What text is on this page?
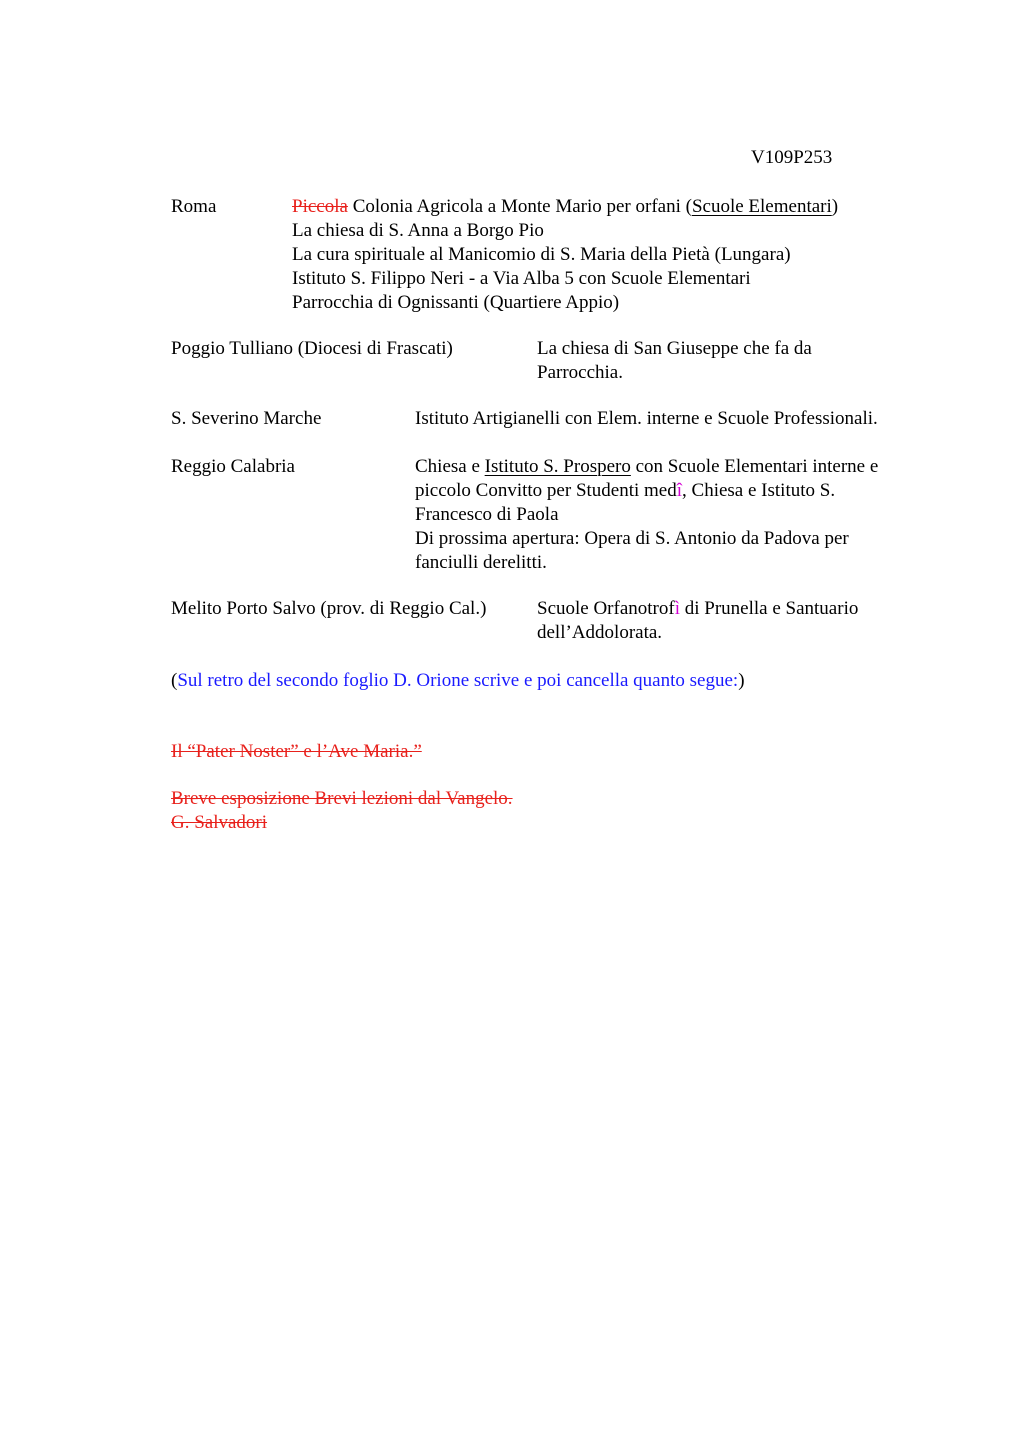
V109P253
Roma	Piccola Colonia Agricola a Monte Mario per orfani (Scuole Elementari)
La chiesa di S. Anna a Borgo Pio
La cura spirituale al Manicomio di S. Maria della Pietà (Lungara)
Istituto S. Filippo Neri - a Via Alba 5 con Scuole Elementari
Parrocchia di Ognissanti (Quartiere Appio)
Poggio Tulliano (Diocesi di Frascati)	La chiesa di San Giuseppe che fa da
Parrocchia.
S. Severino Marche	Istituto Artigianelli con Elem. interne e Scuole Professionali.
Reggio Calabria	Chiesa e Istituto S. Prospero con Scuole Elementari interne e
piccolo Convitto per Studenti medî, Chiesa e Istituto S.
Francesco di Paola
Di prossima apertura: Opera di S. Antonio da Padova per
fanciulli derelitti.
Melito Porto Salvo (prov. di Reggio Cal.)	Scuole Orfanotrofì di Prunella e Santuario
dell’Addolorata.
(Sul retro del secondo foglio D. Orione scrive e poi cancella quanto segue:)
Il “Pater Noster” e l’Ave Maria.”
Breve esposizione Brevi lezioni dal Vangelo.
G. Salvadori
